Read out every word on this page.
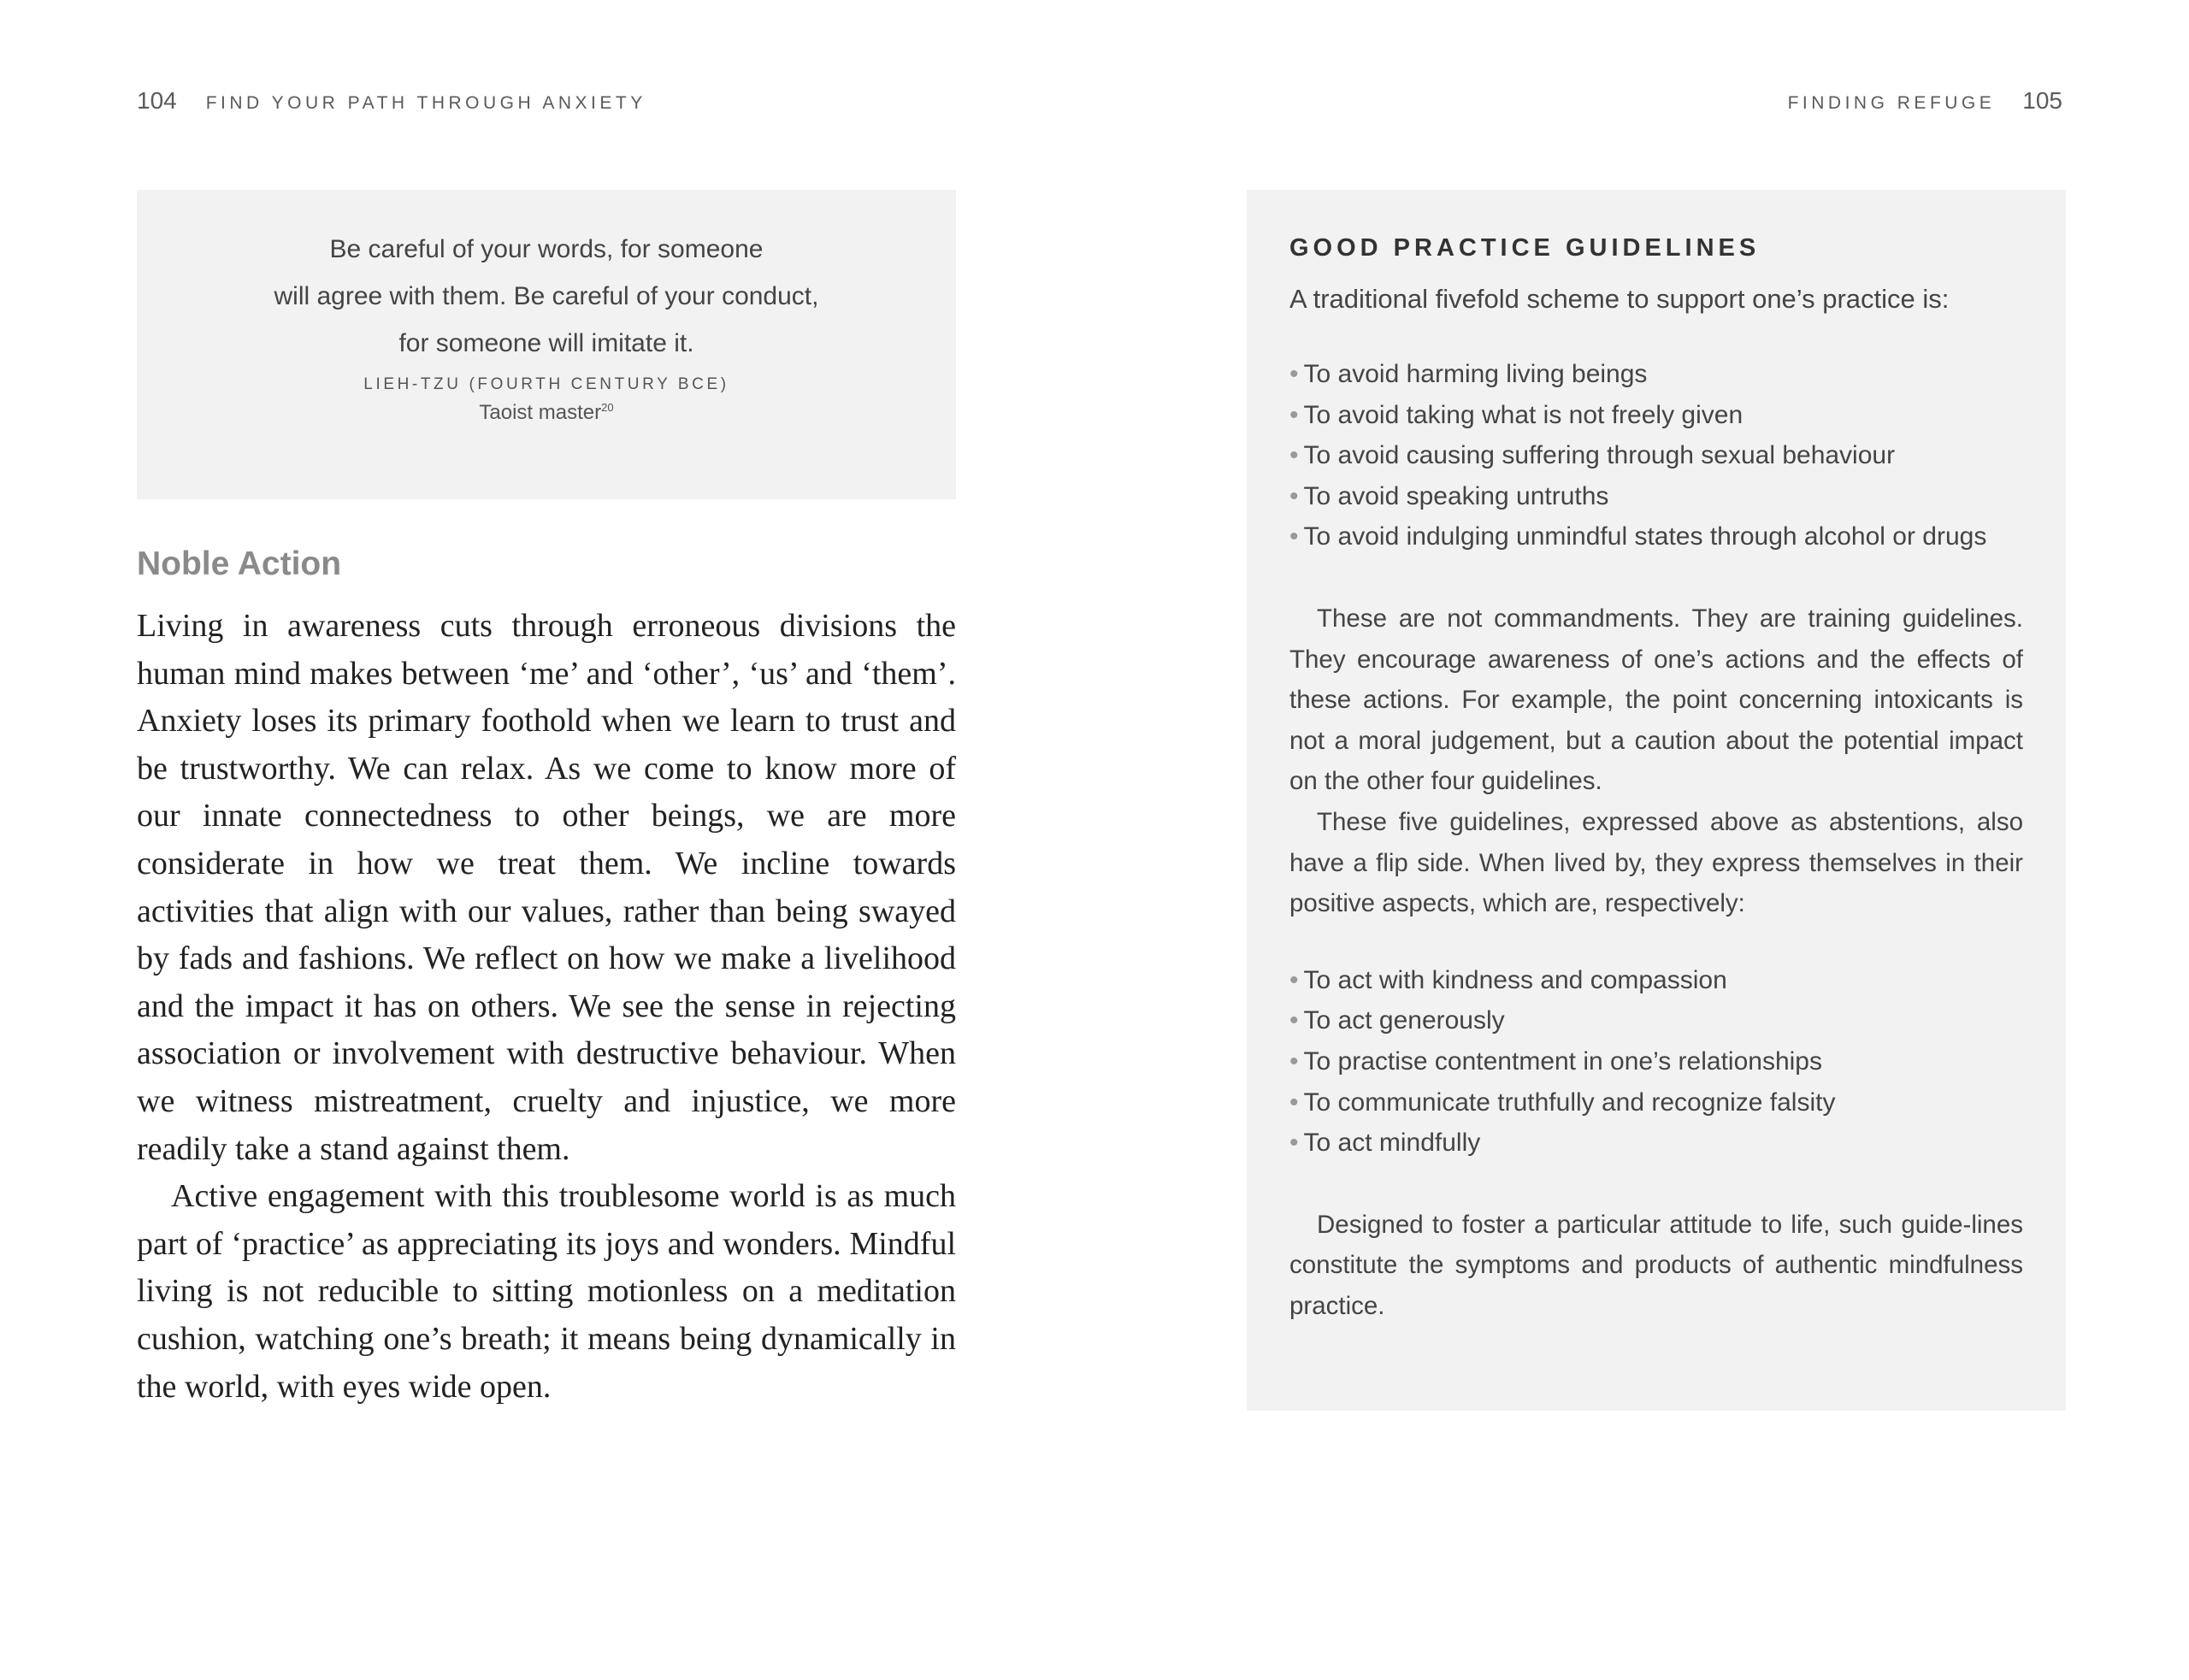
104 FIND YOUR PATH THROUGH ANXIETY	FINDING REFUGE 105
Be careful of your words, for someone
will agree with them. Be careful of your conduct,
for someone will imitate it.
LIEH-TZU (FOURTH CENTURY BCE)
Taoist master$^{20}$
Noble Action

Living in awareness cuts through erroneous divisions the human mind makes between ‘me’ and ‘other’, ‘us’ and ‘them’. Anxiety loses its primary foothold when we learn to trust and be trustworthy. We can relax. As we come to know more of our innate connectedness to other beings, we are more considerate in how we treat them. We incline towards activities that align with our values, rather than being swayed by fads and fashions. We reflect on how we make a livelihood and the impact it has on others. We see the sense in rejecting association or involvement with destructive behaviour. When we witness mistreatment, cruelty and injustice, we more readily take a stand against them.

Active engagement with this troublesome world is as much part of ‘practice’ as appreciating its joys and wonders. Mindful living is not reducible to sitting motionless on a meditation cushion, watching one’s breath; it means being dynamically in the world, with eyes wide open.

GOOD PRACTICE GUIDELINES
A traditional fivefold scheme to support one’s practice is:
• To avoid harming living beings
• To avoid taking what is not freely given
• To avoid causing suffering through sexual behaviour
• To avoid speaking untruths
• To avoid indulging unmindful states through alcohol or drugs

These are not commandments. They are training guidelines. They encourage awareness of one’s actions and the effects of these actions. For example, the point concerning intoxicants is not a moral judgement, but a caution about the potential impact on the other four guidelines.

These five guidelines, expressed above as abstentions, also have a flip side. When lived by, they express themselves in their positive aspects, which are, respectively:

• To act with kindness and compassion
• To act generously
• To practise contentment in one’s relationships
• To communicate truthfully and recognize falsity
• To act mindfully

Designed to foster a particular attitude to life, such guide-lines constitute the symptoms and products of authentic mindfulness practice.
